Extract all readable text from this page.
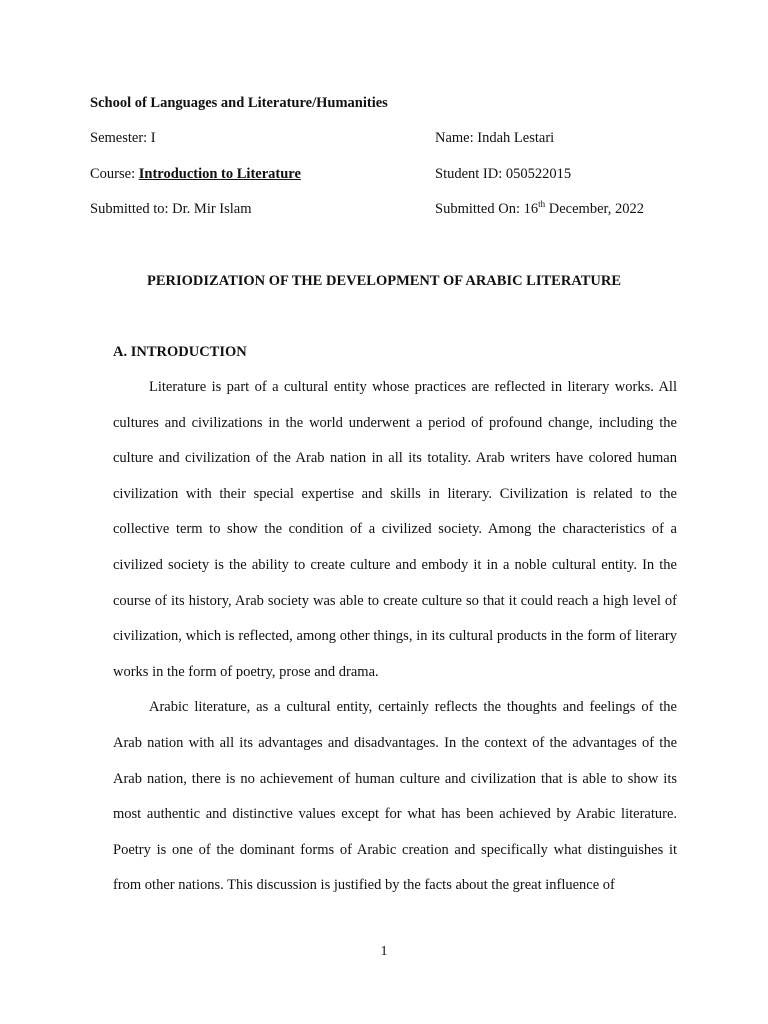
School of Languages and Literature/Humanities
Semester: I	Name: Indah Lestari
Course: Introduction to Literature	Student ID: 050522015
Submitted to: Dr. Mir Islam	Submitted On: 16th December, 2022
PERIODIZATION OF THE DEVELOPMENT OF ARABIC LITERATURE
A. INTRODUCTION

Literature is part of a cultural entity whose practices are reflected in literary works. All cultures and civilizations in the world underwent a period of profound change, including the culture and civilization of the Arab nation in all its totality. Arab writers have colored human civilization with their special expertise and skills in literary. Civilization is related to the collective term to show the condition of a civilized society. Among the characteristics of a civilized society is the ability to create culture and embody it in a noble cultural entity. In the course of its history, Arab society was able to create culture so that it could reach a high level of civilization, which is reflected, among other things, in its cultural products in the form of literary works in the form of poetry, prose and drama.

Arabic literature, as a cultural entity, certainly reflects the thoughts and feelings of the Arab nation with all its advantages and disadvantages. In the context of the advantages of the Arab nation, there is no achievement of human culture and civilization that is able to show its most authentic and distinctive values except for what has been achieved by Arabic literature. Poetry is one of the dominant forms of Arabic creation and specifically what distinguishes it from other nations. This discussion is justified by the facts about the great influence of

1
